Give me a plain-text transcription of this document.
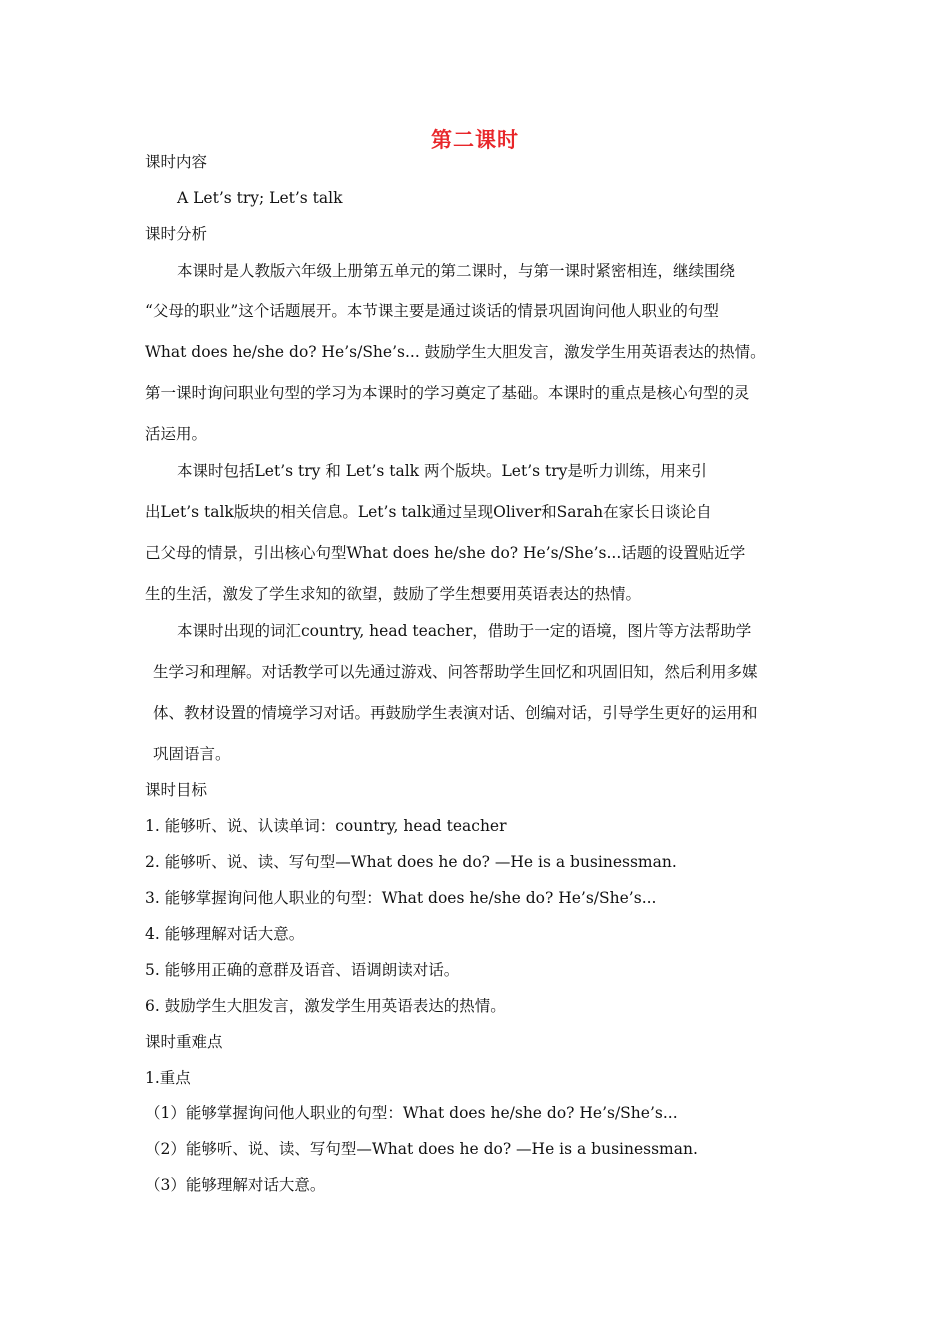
第二课时
课时内容
A Let’s try; Let’s talk
课时分析
本课时是人教版六年级上册第五单元的第二课时，与第一课时紧密相连，继续围绕
“父母的职业”这个话题展开。本节课主要是通过谈话的情景巩固询问他人职业的句型
What does he/she do? He’s/She’s... 鼓励学生大胆发言，激发学生用英语表达的热情。
第一课时询问职业句型的学习为本课时的学习奠定了基础。本课时的重点是核心句型的灵
活运用。
本课时包括Let’s try 和 Let’s talk 两个版块。Let’s try是听力训练，用来引
出Let’s talk版块的相关信息。Let’s talk通过呈现Oliver和Sarah在家长日谈论自
己父母的情景，引出核心句型What does he/she do? He’s/She’s...话题的设置贴近学
生的生活，激发了学生求知的欲望，鼓励了学生想要用英语表达的热情。
本课时出现的词汇country, head teacher，借助于一定的语境，图片等方法帮助学
生学习和理解。对话教学可以先通过游戏、问答帮助学生回忆和巩固旧知，然后利用多媒
体、教材设置的情境学习对话。再鼓励学生表演对话、创编对话，引导学生更好的运用和
巩固语言。
课时目标
1. 能够听、说、认读单词：country, head teacher
2. 能够听、说、读、写句型—What does he do? —He is a businessman.
3. 能够掌握询问他人职业的句型：What does he/she do? He’s/She’s...
4. 能够理解对话大意。
5. 能够用正确的意群及语音、语调朗读对话。
6. 鼓励学生大胆发言，激发学生用英语表达的热情。
课时重难点
1.重点
（1）能够掌握询问他人职业的句型：What does he/she do? He’s/She’s...
（2）能够听、说、读、写句型—What does he do? —He is a businessman.
（3）能够理解对话大意。
